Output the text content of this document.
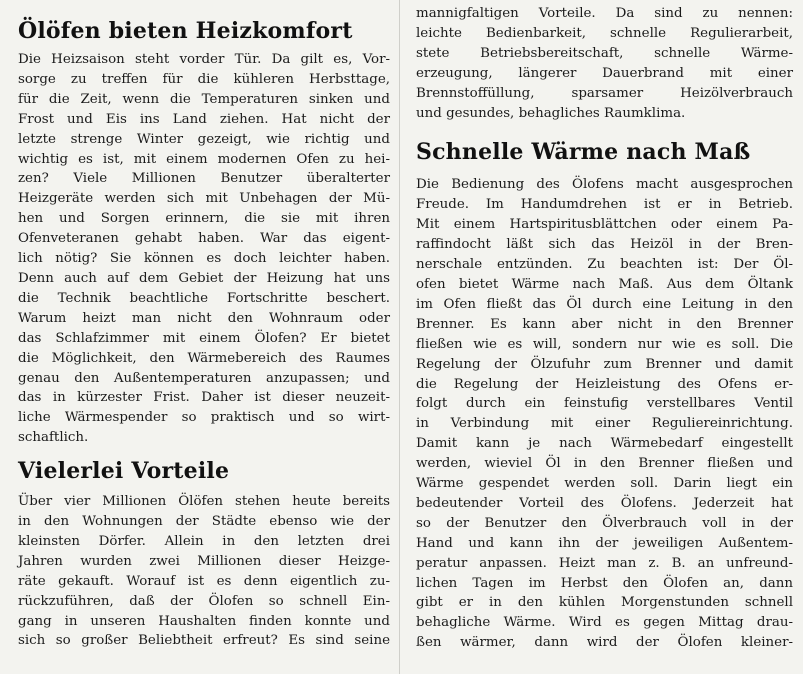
Ölöfen bieten Heizkomfort

Die Heizsaison steht vorder Tür. Da gilt es, Vor-
sorge zu treffen für die kühleren Herbsttage,
für die Zeit, wenn die Temperaturen sinken und
Frost und Eis ins Land ziehen. Hat nicht der
letzte strenge Winter gezeigt, wie richtig und
wichtig es ist, mit einem modernen Ofen zu hei-
zen? Viele Millionen Benutzer überalterter
Heizgeräte werden sich mit Unbehagen der Mü-
hen und Sorgen erinnern, die sie mit ihren
Ofenveteranen gehabt haben. War das eigent-
lich nötig? Sie können es doch leichter haben.
Denn auch auf dem Gebiet der Heizung hat uns
die Technik beachtliche Fortschritte beschert.
Warum heizt man nicht den Wohnraum oder
das Schlafzimmer mit einem Ölofen? Er bietet
die Möglichkeit, den Wärmebereich des Raumes
genau den Außentemperaturen anzupassen; und
das in kürzester Frist. Daher ist dieser neuzeit-
liche Wärmespender so praktisch und so wirt-
schaftlich.

Vielerlei Vorteile

Über vier Millionen Ölöfen stehen heute bereits
in den Wohnungen der Städte ebenso wie der
kleinsten Dörfer. Allein in den letzten drei
Jahren wurden zwei Millionen dieser Heizge-
räte gekauft. Worauf ist es denn eigentlich zu-
rückzuführen, daß der Ölofen so schnell Ein-
gang in unseren Haushalten finden konnte und
sich so großer Beliebtheit erfreut? Es sind seine

mannigfaltigen Vorteile. Da sind zu nennen:
leichte Bedienbarkeit, schnelle Regulierarbeit,
stete Betriebsbereitschaft, schnelle Wärme-
erzeugung, längerer Dauerbrand mit einer
Brennstoffüllung, sparsamer Heizölverbrauch
und gesundes, behagliches Raumklima.

Schnelle Wärme nach Maß

Die Bedienung des Ölofens macht ausgesprochen
Freude. Im Handumdrehen ist er in Betrieb.
Mit einem Hartspiritusblättchen oder einem Pa-
raffindocht läßt sich das Heizöl in der Bren-
nerschale entzünden. Zu beachten ist: Der Öl-
ofen bietet Wärme nach Maß. Aus dem Öltank
im Ofen fließt das Öl durch eine Leitung in den
Brenner. Es kann aber nicht in den Brenner
fließen wie es will, sondern nur wie es soll. Die
Regelung der Ölzufuhr zum Brenner und damit
die Regelung der Heizleistung des Ofens er-
folgt durch ein feinstufig verstellbares Ventil
in Verbindung mit einer Reguliereinrichtung.
Damit kann je nach Wärmebedarf eingestellt
werden, wieviel Öl in den Brenner fließen und
Wärme gespendet werden soll. Darin liegt ein
bedeutender Vorteil des Ölofens. Jederzeit hat
so der Benutzer den Ölverbrauch voll in der
Hand und kann ihn der jeweiligen Außentem-
peratur anpassen. Heizt man z. B. an unfreund-
lichen Tagen im Herbst den Ölofen an, dann
gibt er in den kühlen Morgenstunden schnell
behagliche Wärme. Wird es gegen Mittag drau-
ßen wärmer, dann wird der Ölofen kleiner-
